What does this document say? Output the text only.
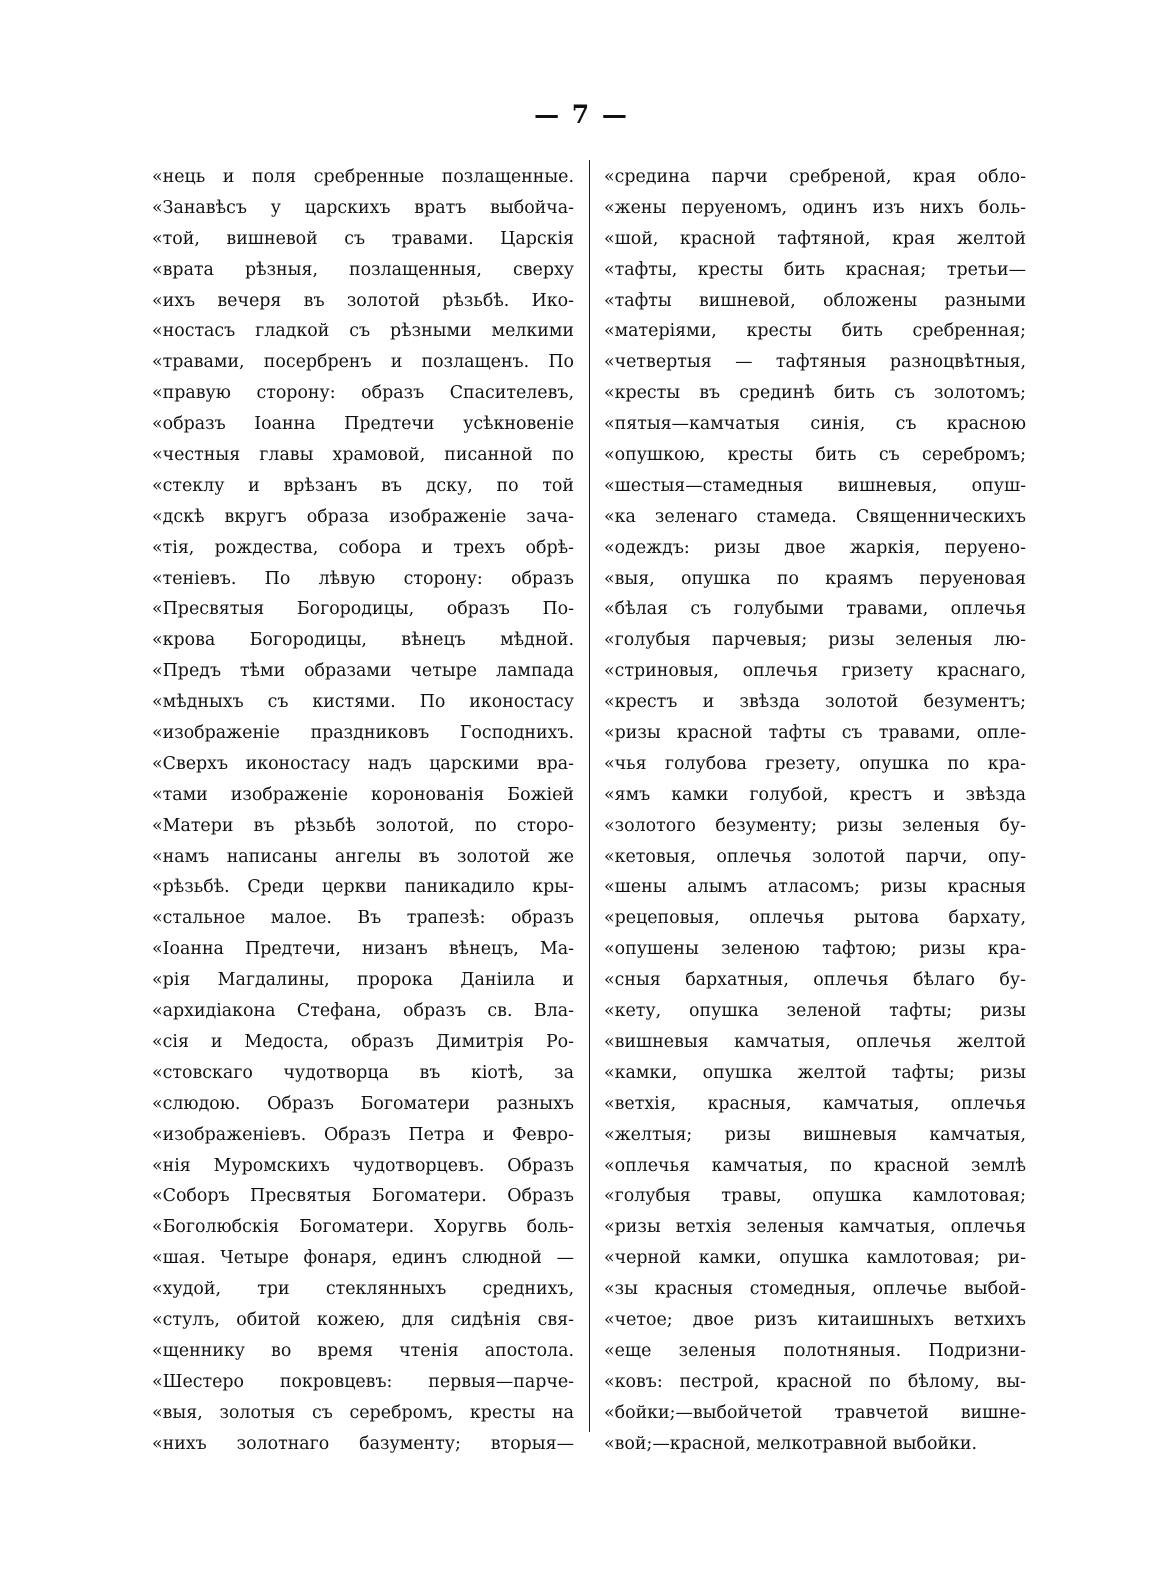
— 7 —
«нець и поля сребренные позлащенные.
«Занавѣсъ у царскихъ вратъ выбойча-
«той, вишневой съ травами. Царскія
«врата рѣзныя, позлащенныя, сверху
«ихъ вечеря въ золотой рѣзьбѣ. Ико-
«ностасъ гладкой съ рѣзными мелкими
«травами, посербренъ и позлащенъ. По
«правую сторону: образъ Спасителевъ,
«образъ Іоанна Предтечи усѣкновеніе
«честныя главы храмовой, писанной по
«стеклу и врѣзанъ въ дску, по той
«дскѣ вкругъ образа изображеніе зача-
«тія, рождества, собора и трехъ обрѣ-
«теніевъ. По лѣвую сторону: образъ
«Пресвятыя Богородицы, образъ По-
«крова Богородицы, вѣнецъ мѣдной.
«Предъ тѣми образами четыре лампада
«мѣдныхъ съ кистями. По иконостасу
«изображеніе праздниковъ Господнихъ.
«Сверхъ иконостасу надъ царскими вра-
«тами изображеніе коронованія Божіей
«Матери въ рѣзьбѣ золотой, по сторо-
«намъ написаны ангелы въ золотой же
«рѣзьбѣ. Среди церкви паникадило кры-
«стальное малое. Въ трапезѣ: образъ
«Іоанна Предтечи, низанъ вѣнецъ, Ма-
«рія Магдалины, пророка Даніила и
«архидіакона Стефана, образъ св. Вла-
«сія и Медоста, образъ Димитрія Ро-
«стовскаго чудотворца въ кіотѣ, за
«слюдою. Образъ Богоматери разныхъ
«изображеніевъ. Образъ Петра и Февро-
«нія Муромскихъ чудотворцевъ. Образъ
«Соборъ Пресвятыя Богоматери. Образъ
«Боголюбскія Богоматери. Хоругвь боль-
«шая. Четыре фонаря, единъ слюдной —
«худой, три стеклянныхъ среднихъ,
«стулъ, обитой кожею, для сидѣнія свя-
«щеннику во время чтенія апостола.
«Шестеро покровцевъ: первыя—парче-
«выя, золотыя съ серебромъ, кресты на
«нихъ золотнаго базументу; вторыя—
«средина парчи сребреной, края обло-
«жены перуеномъ, одинъ изъ нихъ боль-
«шой, красной тафтяной, края желтой
«тафты, кресты бить красная; третьи—
«тафты вишневой, обложены разными
«матеріями, кресты бить сребренная;
«четвертыя — тафтяныя разноцвѣтныя,
«кресты въ срединѣ бить съ золотомъ;
«пятыя—камчатыя синія, съ красною
«опушкою, кресты бить съ серебромъ;
«шестыя—стамедныя вишневыя, опуш-
«ка зеленаго стамеда. Священническихъ
«одеждъ: ризы двое жаркія, перуено-
«выя, опушка по краямъ перуеновая
«бѣлая съ голубыми травами, оплечья
«голубыя парчевыя; ризы зеленыя лю-
«стриновыя, оплечья гризету краснаго,
«крестъ и звѣзда золотой безументъ;
«ризы красной тафты съ травами, опле-
«чья голубова грезету, опушка по кра-
«ямъ камки голубой, крестъ и звѣзда
«золотого безументу; ризы зеленыя бу-
«кетовыя, оплечья золотой парчи, опу-
«шены алымъ атласомъ; ризы красныя
«рецеповыя, оплечья рытова бархату,
«опушены зеленою тафтою; ризы кра-
«сныя бархатныя, оплечья бѣлаго бу-
«кету, опушка зеленой тафты; ризы
«вишневыя камчатыя, оплечья желтой
«камки, опушка желтой тафты; ризы
«ветхія, красныя, камчатыя, оплечья
«желтыя; ризы вишневыя камчатыя,
«оплечья камчатыя, по красной землѣ
«голубыя травы, опушка камлотовая;
«ризы ветхія зеленыя камчатыя, оплечья
«черной камки, опушка камлотовая; ри-
«зы красныя стомедныя, оплечье выбой-
«четое; двое ризъ китаишныхъ ветхихъ
«еще зеленыя полотняныя. Подризни-
«ковъ: пестрой, красной по бѣлому, вы-
«бойки;—выбойчетой травчетой вишне-
«вой;—красной, мелкотравной выбойки.
